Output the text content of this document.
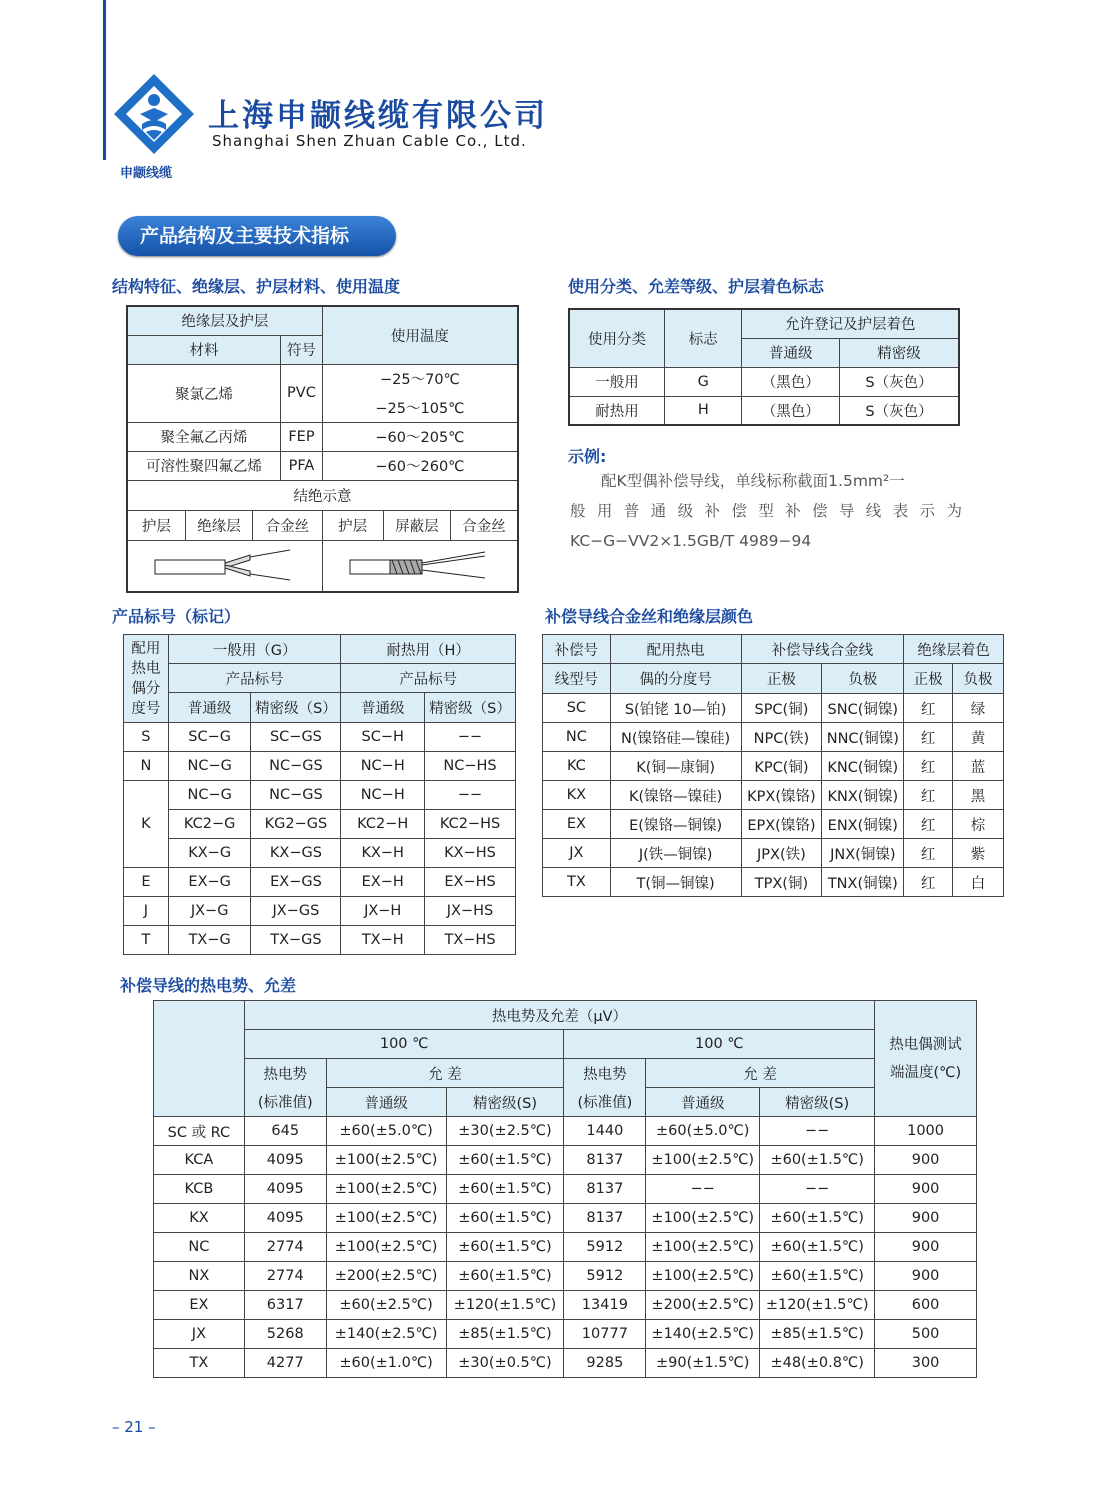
上海申颛线缆有限公司
Shanghai Shen Zhuan Cable Co., Ltd.
申颛线缆
产品结构及主要技术指标
结构特征、绝缘层、护层材料、使用温度
绝缘层及护层	使用温度
材料	符号
聚氯乙烯	PVC	−25～70℃
−25～105℃
聚全氟乙丙烯	FEP	−60～205℃
可溶性聚四氟乙烯	PFA	−60～260℃
结绝示意

护层	绝缘层	合金丝	护层	屏蔽层	合金丝

使用分类、允差等级、护层着色标志
使用分类	标志	允许登记及护层着色	
		普通级	精密级
一般用	G	（黑色）	S（灰色）
耐热用	H	（黑色）	S（灰色）
示例:

配K型偶补偿导线，单线标称截面1.5mm²一

般用普通级补偿型补偿导线表示为

KC−G−VV2×1.5GB/T 4989−94

产品标号（标记）
配用
热电
偶分
度号	一般用（G）		耐热用（H）	
	产品标号		产品标号	
	普通级	精密级（S）	普通级	精密级（S）
S	SC−G	SC−GS	SC−H	−−
N	NC−G	NC−GS	NC−H	NC−HS
K	NC−G	NC−GS	NC−H	−−
	KC2−G	KG2−GS	KC2−H	KC2−HS
	KX−G	KX−GS	KX−H	KX−HS
E	EX−G	EX−GS	EX−H	EX−HS
J	JX−G	JX−GS	JX−H	JX−HS
T	TX−G	TX−GS	TX−H	TX−HS
补偿导线合金丝和绝缘层颜色
补偿号	配用热电	补偿导线合金线		绝缘层着色	
线型号	偶的分度号	正极	负极	正极	负极
SC	S(铂铑 10—铂)	SPC(铜)	SNC(铜镍)	红	绿
NC	N(镍铬硅—镍硅)	NPC(铁)	NNC(铜镍)	红	黄
KC	K(铜—康铜)	KPC(铜)	KNC(铜镍)	红	蓝
KX	K(镍铬—镍硅)	KPX(镍铬)	KNX(铜镍)	红	黑
EX	E(镍铬—铜镍)	EPX(镍铬)	ENX(铜镍)	红	棕
JX	J(铁—铜镍)	JPX(铁)	JNX(铜镍)	红	紫
TX	T(铜—铜镍)	TPX(铜)	TNX(铜镍)	红	白
补偿导线的热电势、允差
	热电势及允差（μV）						热电偶测试
端温度(℃)

	100 ℃			100 ℃			
	热电势	允 差		热电势	允 差		
	(标准值)	普通级	精密级(S)	(标准值)	普通级	精密级(S)	
SC 或 RC	645	±60(±5.0℃)	±30(±2.5℃)	1440	±60(±5.0℃)	−−	1000
KCA	4095	±100(±2.5℃)	±60(±1.5℃)	8137	±100(±2.5℃)	±60(±1.5℃)	900
KCB	4095	±100(±2.5℃)	±60(±1.5℃)	8137	−−	−−	900
KX	4095	±100(±2.5℃)	±60(±1.5℃)	8137	±100(±2.5℃)	±60(±1.5℃)	900
NC	2774	±100(±2.5℃)	±60(±1.5℃)	5912	±100(±2.5℃)	±60(±1.5℃)	900
NX	2774	±200(±2.5℃)	±60(±1.5℃)	5912	±100(±2.5℃)	±60(±1.5℃)	900
EX	6317	±60(±2.5℃)	±120(±1.5℃)	13419	±200(±2.5℃)	±120(±1.5℃)	600
JX	5268	±140(±2.5℃)	±85(±1.5℃)	10777	±140(±2.5℃)	±85(±1.5℃)	500
TX	4277	±60(±1.0℃)	±30(±0.5℃)	9285	±90(±1.5℃)	±48(±0.8℃)	300
– 21 –
